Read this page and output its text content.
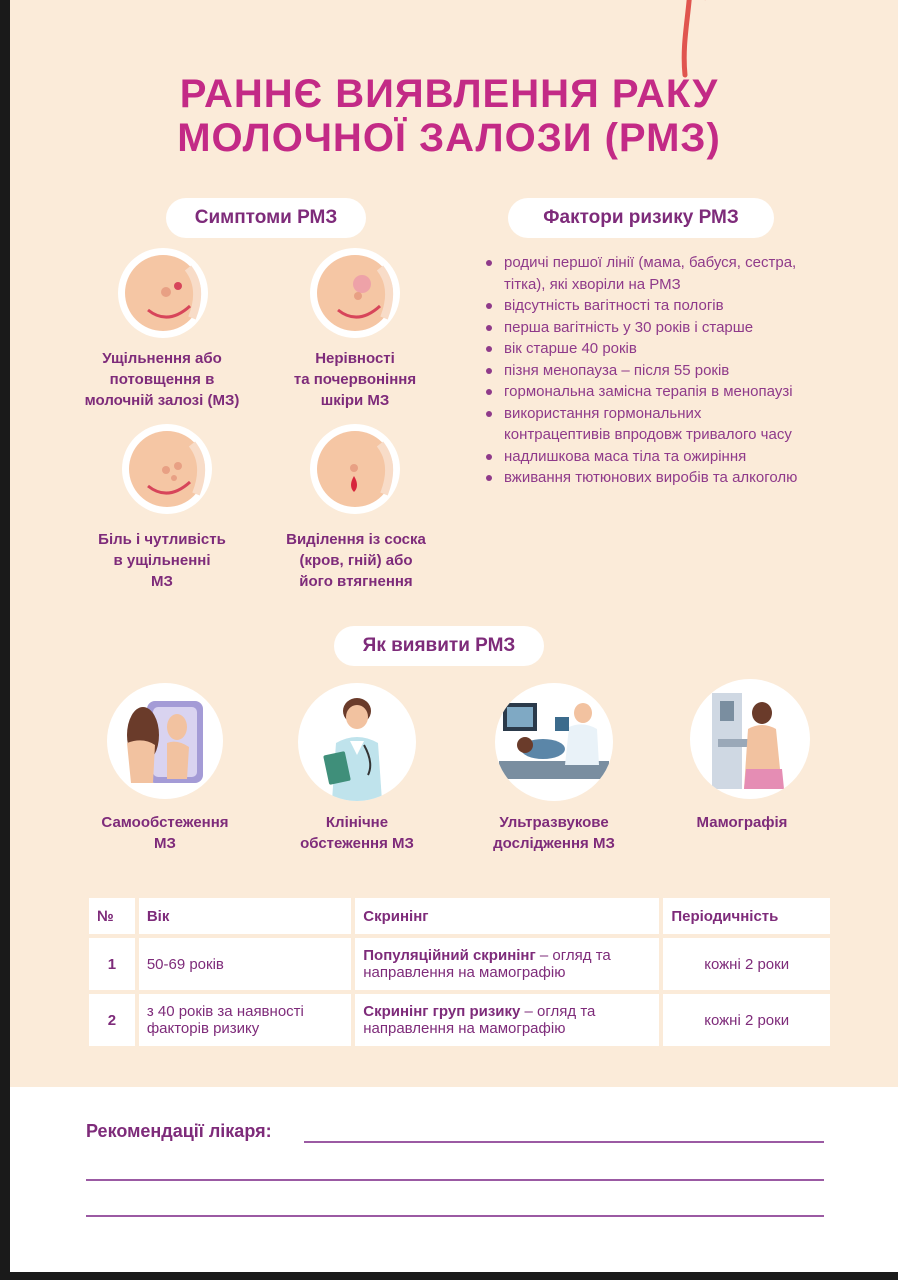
РАННЄ ВИЯВЛЕННЯ РАКУ
МОЛОЧНОЇ ЗАЛОЗИ (РМЗ)
Симптоми РМЗ
Ущільнення або
потовщення в
молочній залозі (МЗ)
Нерівності
та почервоніння
шкіри МЗ
Біль і чутливість
в ущільненні
МЗ
Виділення із соска
(кров, гній) або
його втягнення
Фактори ризику РМЗ
родичі першої лінії (мама, бабуся, сестра, тітка), які хворіли на РМЗ
відсутність вагітності та пологів
перша вагітність у 30 років і старше
вік старше 40 років
пізня менопауза – після 55 років
гормональна замісна терапія в менопаузі
використання гормональних контрацептивів впродовж тривалого часу
надлишкова маса тіла та ожиріння
вживання тютюнових виробів та алкоголю
Як виявити РМЗ
Самообстеження
МЗ
Клінічне
обстеження МЗ
Ультразвукове
дослідження МЗ
Мамографія
№	Вік	Скринінг	Періодичність
1	50-69 років	Популяційний скринінг – огляд та направлення на мамографію	кожні 2 роки
2	з 40 років за наявності факторів ризику	Скринінг груп ризику – огляд та направлення на мамографію	кожні 2 роки
Рекомендації лікаря:
